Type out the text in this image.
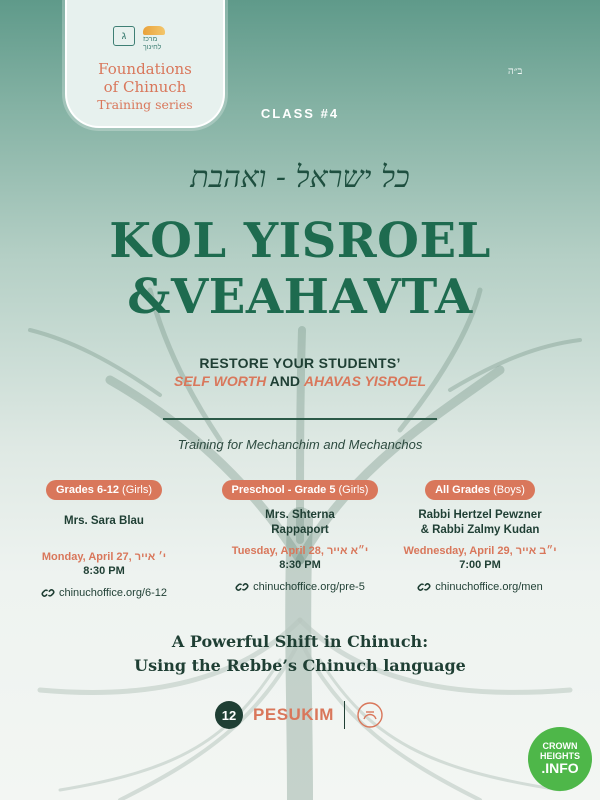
ג	מרכז לחינוך
Foundations
of Chinuch
Training series
ב״ה
CLASS #4
כל ישראל - ואהבת
KOL YISROEL
&VEAHAVTA
RESTORE YOUR STUDENTS’
SELF WORTH AND AHAVAS YISROEL
Training for Mechanchim and Mechanchos
Grades 6-12 (Girls)
Mrs. Sara Blau
Monday, April 27, י׳ אייר
8:30 PM
chinuchoffice.org/6-12
Preschool - Grade 5 (Girls)
Mrs. Shterna
Rappaport
Tuesday, April 28, י״א אייר
8:30 PM
chinuchoffice.org/pre-5
All Grades (Boys)
Rabbi Hertzel Pewzner
& Rabbi Zalmy Kudan
Wednesday, April 29, י״ב אייר
7:00 PM
chinuchoffice.org/men
A Powerful Shift in Chinuch:
Using the Rebbe’s Chinuch language
12 PESUKIM
CROWN
HEIGHTS
.INFO
